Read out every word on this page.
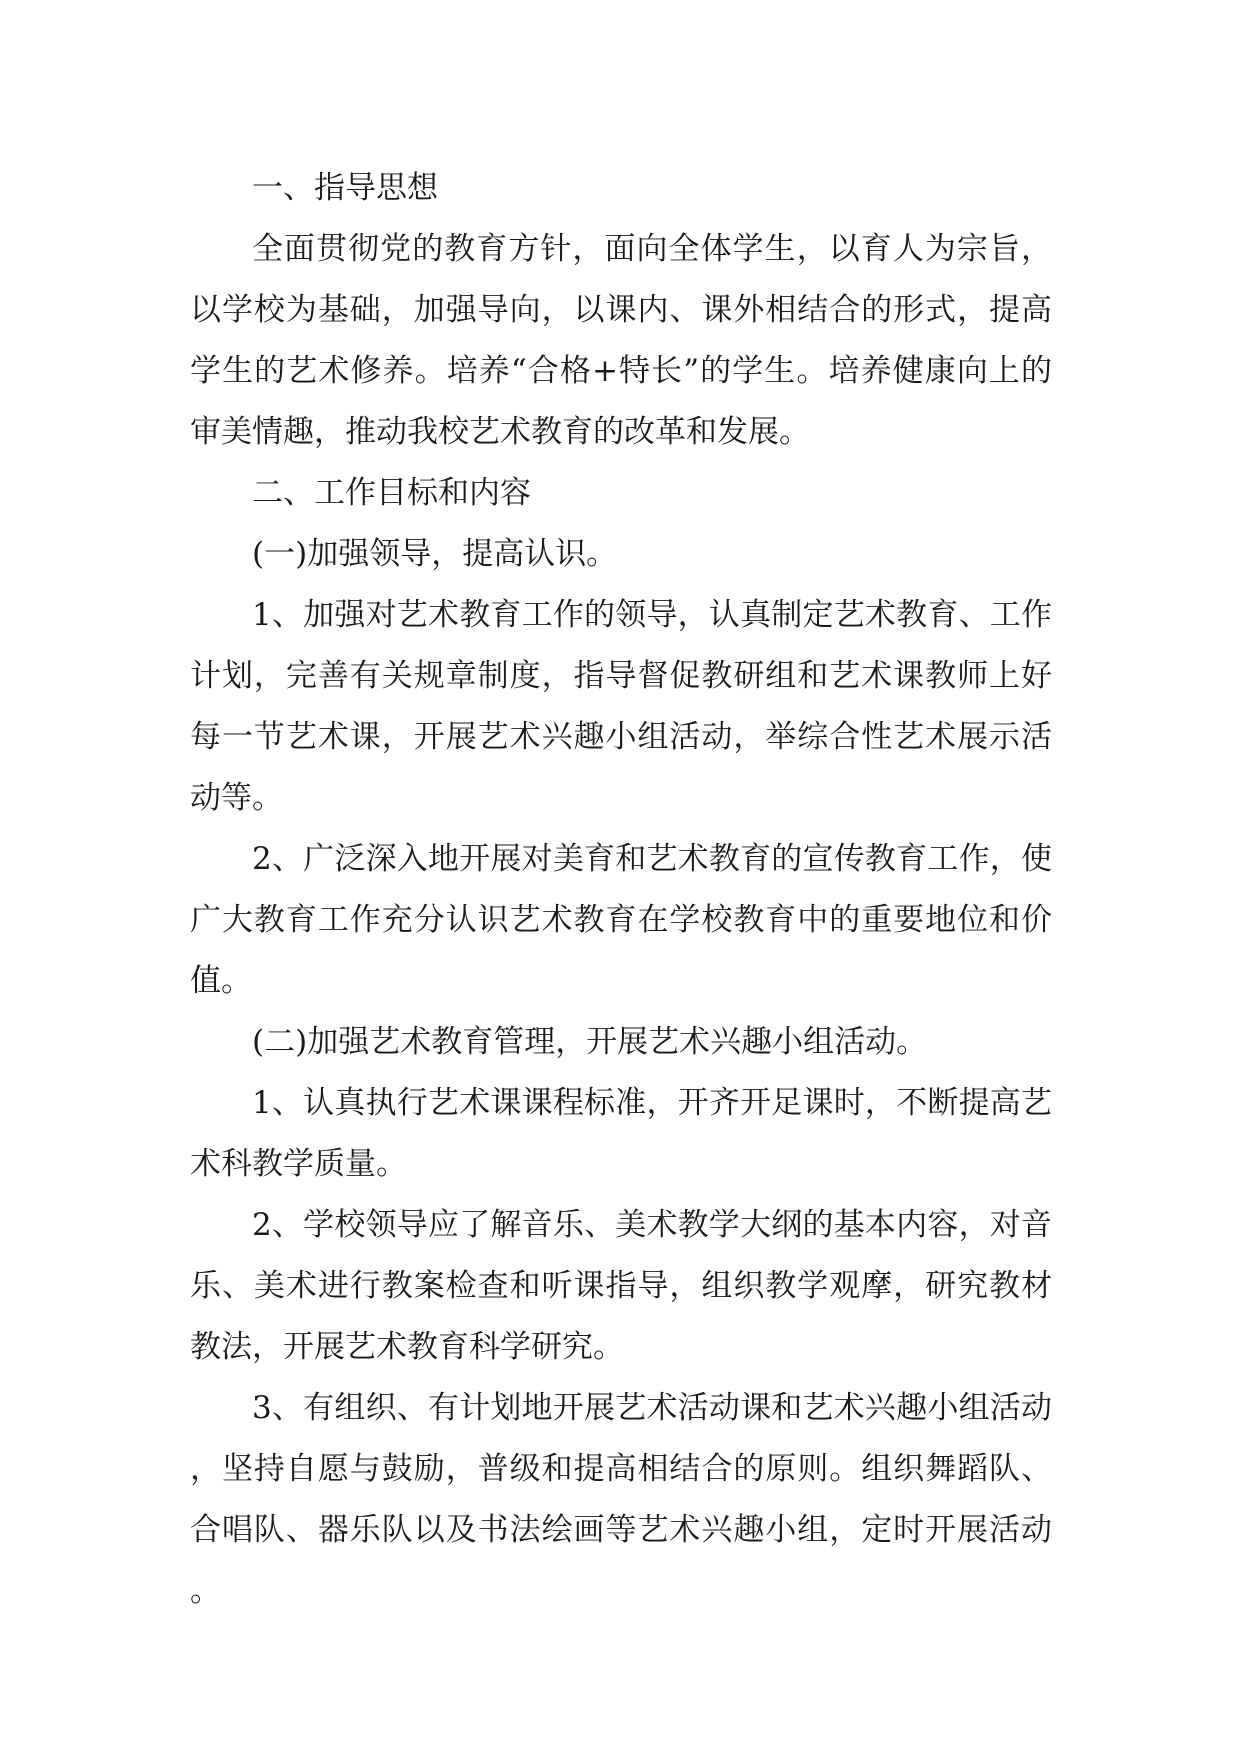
一、指导思想

全面贯彻党的教育方针，面向全体学生，以育人为宗旨，以学校为基础，加强导向，以课内、课外相结合的形式，提高学生的艺术修养。培养“合格+特长”的学生。培养健康向上的审美情趣，推动我校艺术教育的改革和发展。

二、工作目标和内容

(一)加强领导，提高认识。

1、加强对艺术教育工作的领导，认真制定艺术教育、工作计划，完善有关规章制度，指导督促教研组和艺术课教师上好每一节艺术课，开展艺术兴趣小组活动，举综合性艺术展示活动等。

2、广泛深入地开展对美育和艺术教育的宣传教育工作，使广大教育工作充分认识艺术教育在学校教育中的重要地位和价值。

(二)加强艺术教育管理，开展艺术兴趣小组活动。

1、认真执行艺术课课程标准，开齐开足课时，不断提高艺术科教学质量。

2、学校领导应了解音乐、美术教学大纲的基本内容，对音乐、美术进行教案检查和听课指导，组织教学观摩，研究教材教法，开展艺术教育科学研究。

3、有组织、有计划地开展艺术活动课和艺术兴趣小组活动，坚持自愿与鼓励，普级和提高相结合的原则。组织舞蹈队、合唱队、器乐队以及书法绘画等艺术兴趣小组，定时开展活动。
